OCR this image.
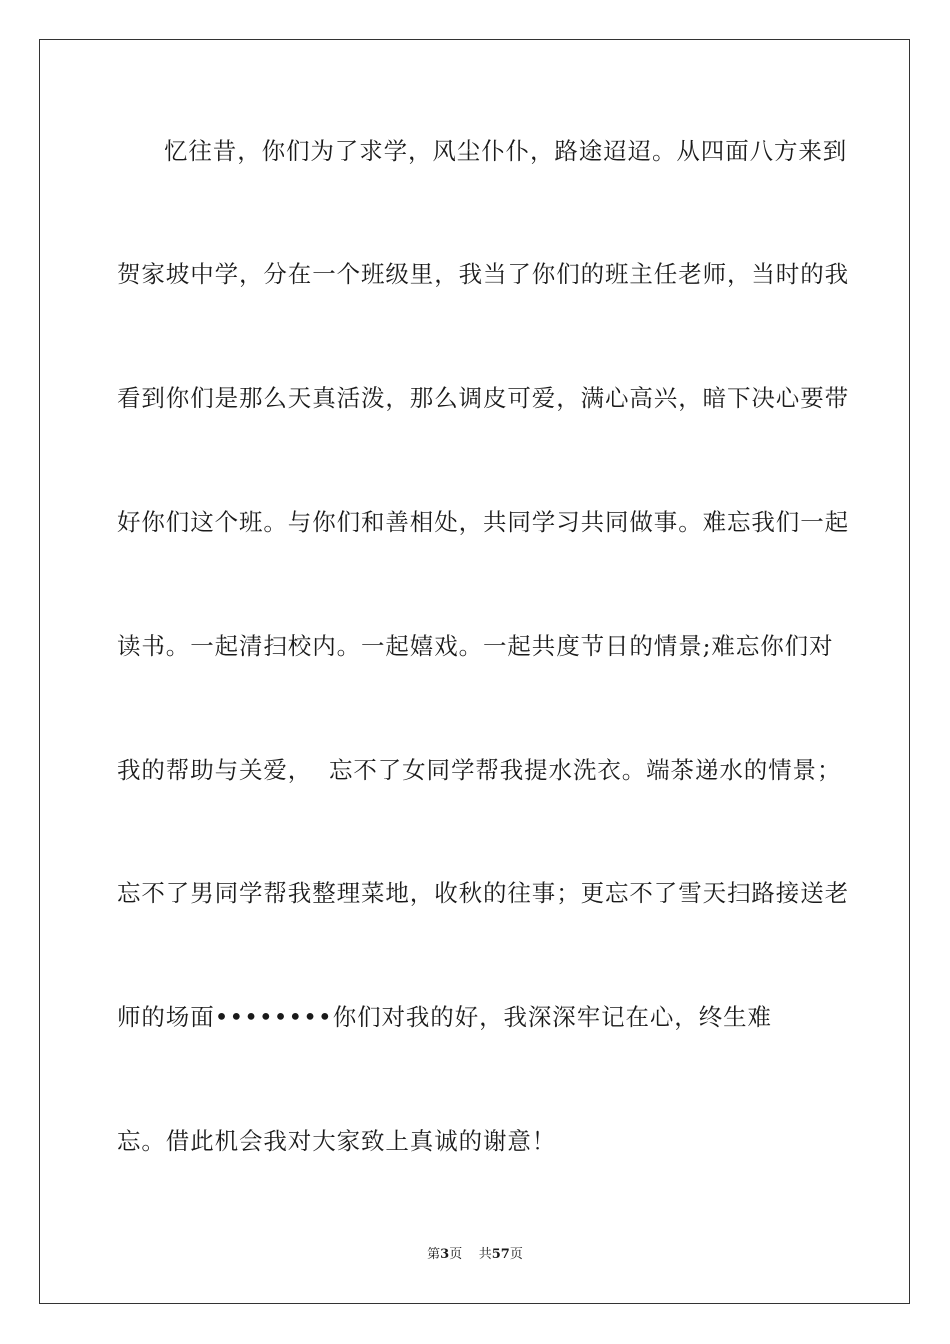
忆往昔，你们为了求学，风尘仆仆，路途迢迢。从四面八方来到
贺家坡中学，分在一个班级里，我当了你们的班主任老师，当时的我
看到你们是那么天真活泼，那么调皮可爱，满心高兴，暗下决心要带
好你们这个班。与你们和善相处，共同学习共同做事。难忘我们一起
读书。一起清扫校内。一起嬉戏。一起共度节日的情景;难忘你们对
我的帮助与关爱，  忘不了女同学帮我提水洗衣。端茶递水的情景；
忘不了男同学帮我整理菜地，收秋的往事；更忘不了雪天扫路接送老
师的场面••••••••你们对我的好，我深深牢记在心，终生难
忘。借此机会我对大家致上真诚的谢意！
第3页 共57页
